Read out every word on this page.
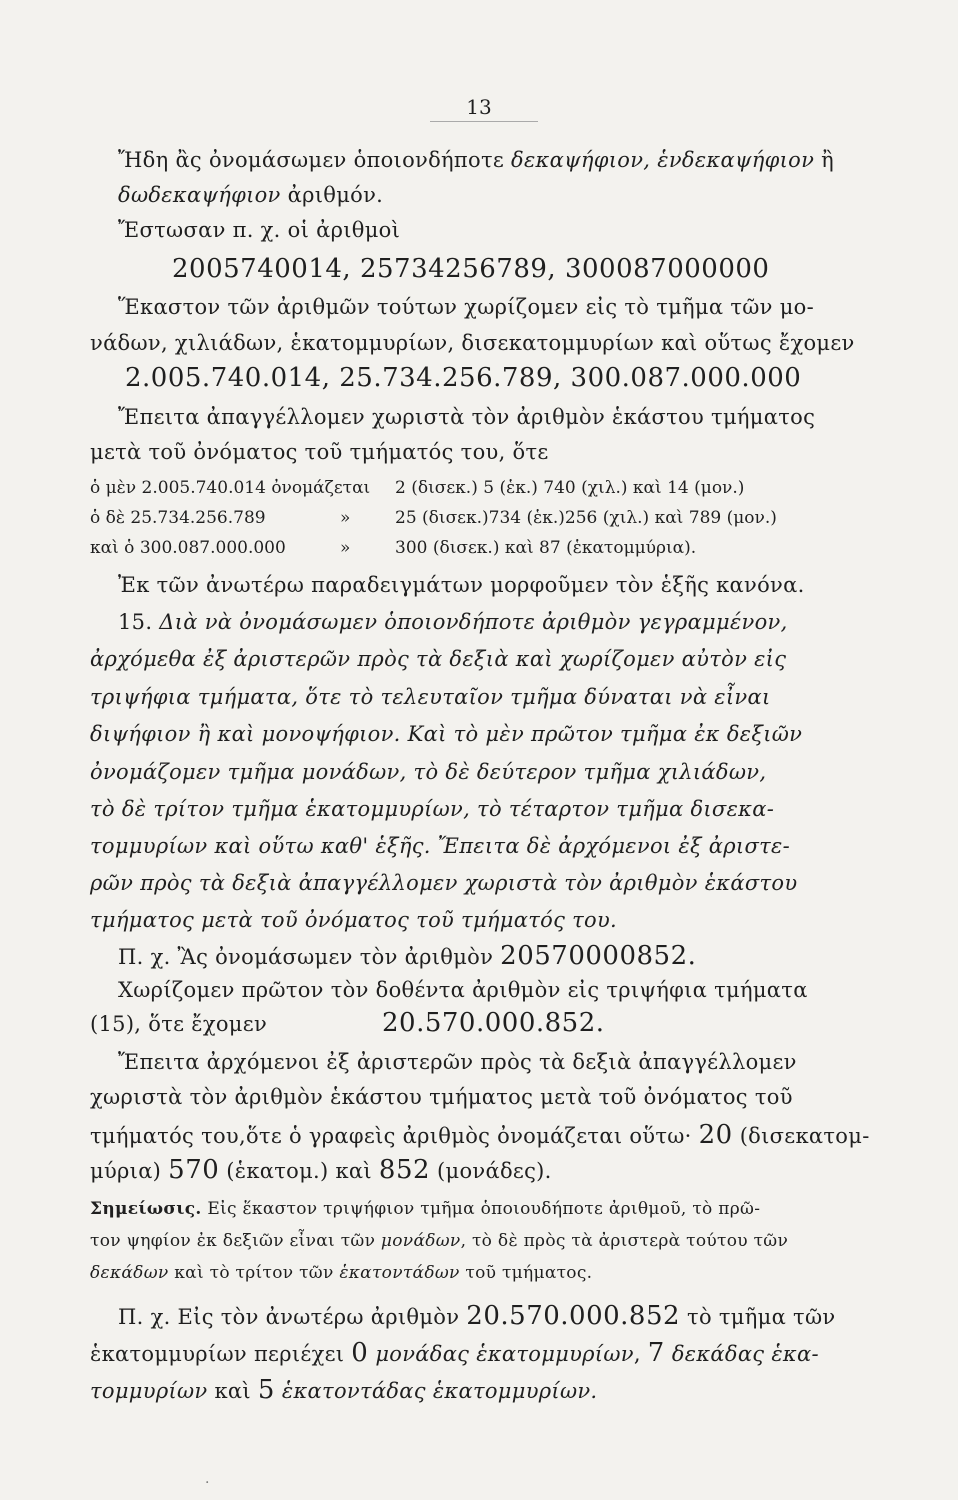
13
Ἤδη ἂς ὀνομάσωμεν ὁποιονδήποτε δεκαψήφιον, ἑνδεκαψήφιον ἢ
δωδεκαψήφιον ἀριθμόν.
Ἔστωσαν π. χ. οἱ ἀριθμοὶ
2005740014, 25734256789, 300087000000
Ἕκαστον τῶν ἀριθμῶν τούτων χωρίζομεν εἰς τὸ τμῆμα τῶν μο-
νάδων, χιλιάδων, ἑκατομμυρίων, δισεκατομμυρίων καὶ οὕτως ἔχομεν
2.005.740.014, 25.734.256.789, 300.087.000.000
Ἔπειτα ἀπαγγέλλομεν χωριστὰ τὸν ἀριθμὸν ἑκάστου τμήματος
μετὰ τοῦ ὀνόματος τοῦ τμήματός του, ὅτε
ὁ μὲν 2.005.740.014 ὀνομάζεται 2 (δισεκ.) 5 (ἑκ.) 740 (χιλ.) καὶ 14 (μον.)
ὁ δὲ 25.734.256.789	»	25 (δισεκ.)734 (ἑκ.)256 (χιλ.) καὶ 789 (μον.)
καὶ ὁ 300.087.000.000	»	300 (δισεκ.) καὶ 87 (ἑκατομμύρια).
Ἐκ τῶν ἀνωτέρω παραδειγμάτων μορφοῦμεν τὸν ἑξῆς κανόνα.
15. Διὰ νὰ ὀνομάσωμεν ὁποιονδήποτε ἀριθμὸν γεγραμμένον,
ἀρχόμεθα ἐξ ἀριστερῶν πρὸς τὰ δεξιὰ καὶ χωρίζομεν αὐτὸν εἰς
τριψήφια τμήματα, ὅτε τὸ τελευταῖον τμῆμα δύναται νὰ εἶναι
διψήφιον ἢ καὶ μονοψήφιον. Καὶ τὸ μὲν πρῶτον τμῆμα ἐκ δεξιῶν
ὀνομάζομεν τμῆμα μονάδων, τὸ δὲ δεύτερον τμῆμα χιλιάδων,
τὸ δὲ τρίτον τμῆμα ἑκατομμυρίων, τὸ τέταρτον τμῆμα δισεκα-
τομμυρίων καὶ οὕτω καθ' ἑξῆς. Ἔπειτα δὲ ἀρχόμενοι ἐξ ἀριστε-
ρῶν πρὸς τὰ δεξιὰ ἀπαγγέλλομεν χωριστὰ τὸν ἀριθμὸν ἑκάστου
τμήματος μετὰ τοῦ ὀνόματος τοῦ τμήματός του.
Π. χ. Ἂς ὀνομάσωμεν τὸν ἀριθμὸν 20570000852.
Χωρίζομεν πρῶτον τὸν δοθέντα ἀριθμὸν εἰς τριψήφια τμήματα
(15), ὅτε ἔχομεν	20.570.000.852.
Ἔπειτα ἀρχόμενοι ἐξ ἀριστερῶν πρὸς τὰ δεξιὰ ἀπαγγέλλομεν
χωριστὰ τὸν ἀριθμὸν ἑκάστου τμήματος μετὰ τοῦ ὀνόματος τοῦ
τμήματός του,ὅτε ὁ γραφεὶς ἀριθμὸς ὀνομάζεται οὕτω· 20 (δισεκατομ-
μύρια) 570 (ἑκατομ.) καὶ 852 (μονάδες).
Σημείωσις. Εἰς ἕκαστον τριψήφιον τμῆμα ὁποιουδήποτε ἀριθμοῦ, τὸ πρῶ-
τον ψηφίον ἐκ δεξιῶν εἶναι τῶν μονάδων, τὸ δὲ πρὸς τὰ ἀριστερὰ τούτου τῶν
δεκάδων καὶ τὸ τρίτον τῶν ἑκατοντάδων τοῦ τμήματος.
Π. χ. Εἰς τὸν ἀνωτέρω ἀριθμὸν 20.570.000.852 τὸ τμῆμα τῶν
ἑκατομμυρίων περιέχει 0 μονάδας ἑκατομμυρίων, 7 δεκάδας ἑκα-
τομμυρίων καὶ 5 ἑκατοντάδας ἑκατομμυρίων.
·
